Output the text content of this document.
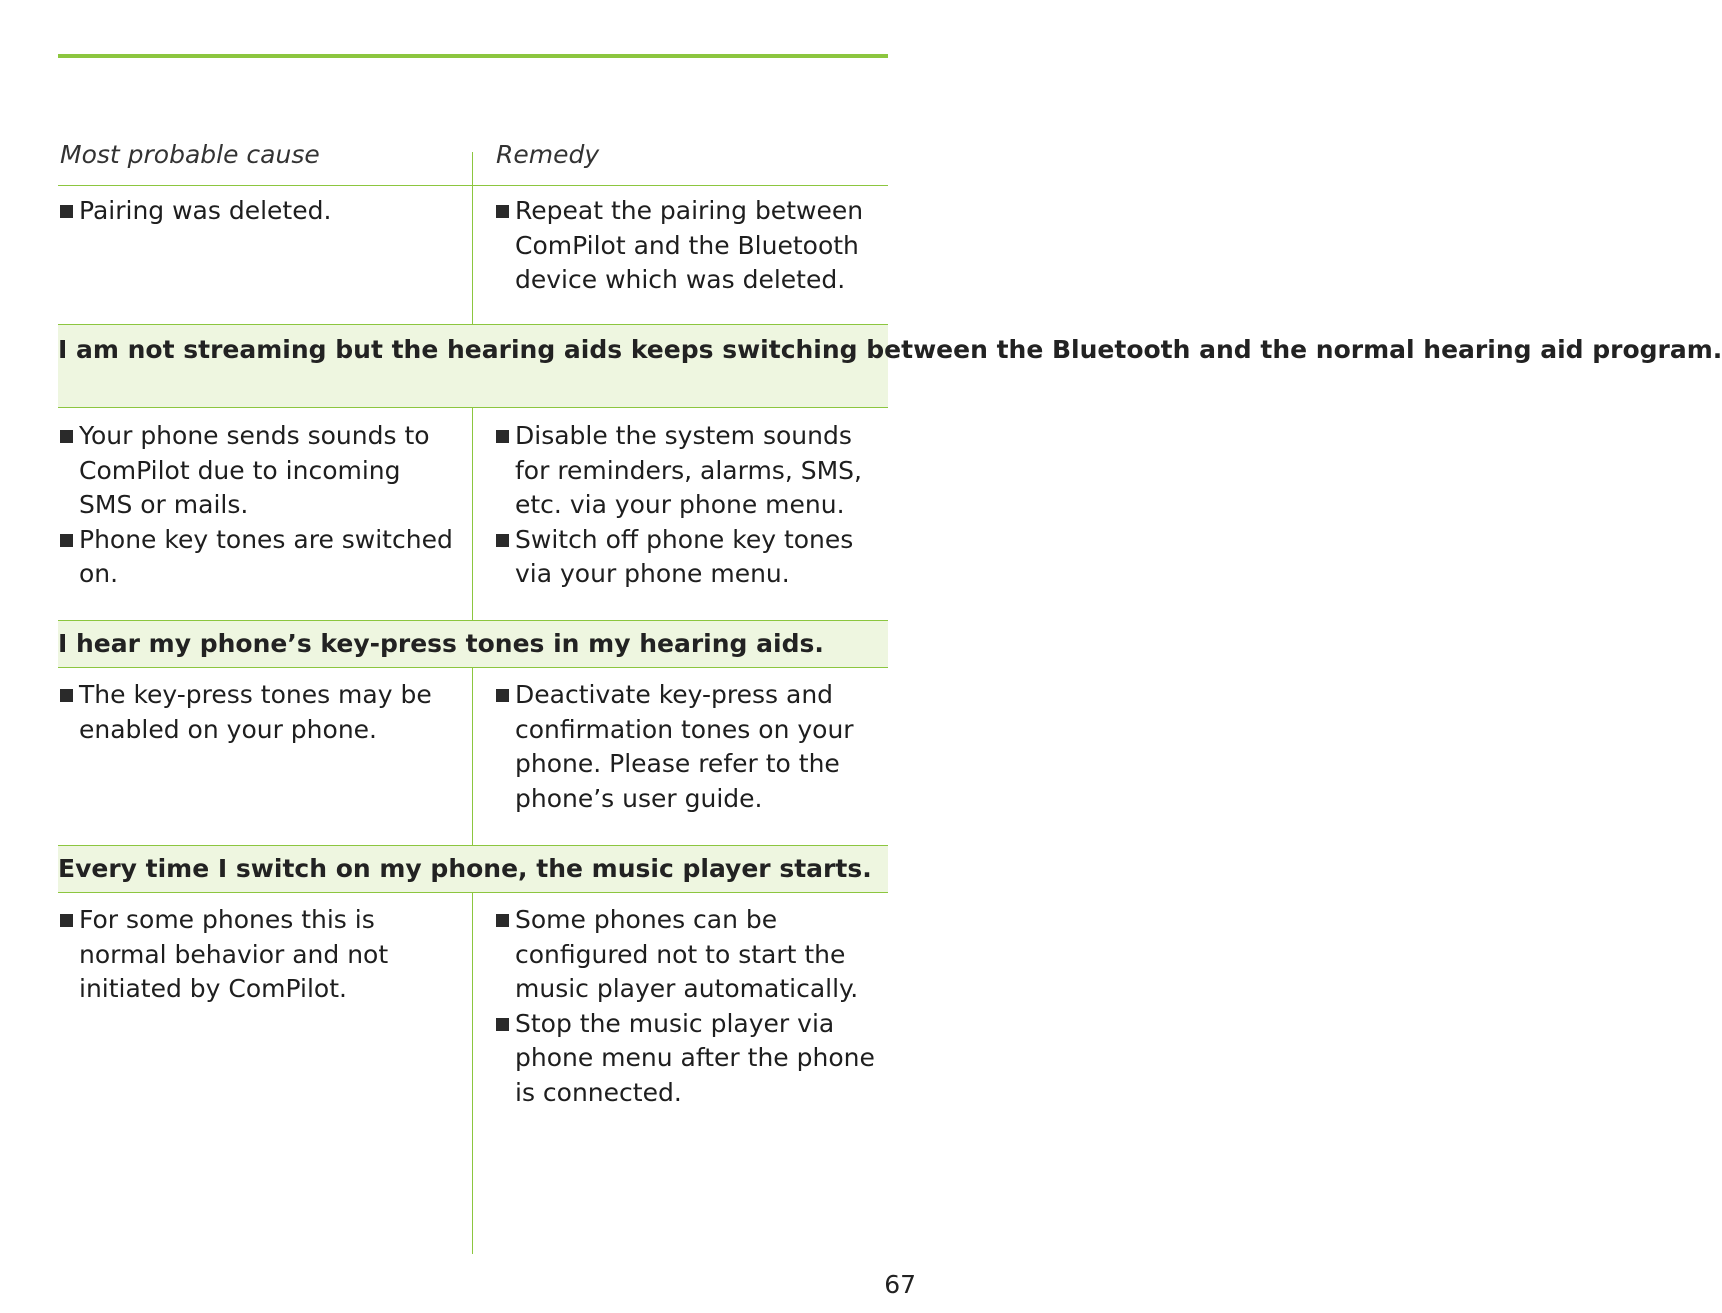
Most probable cause	Remedy
Pairing was deleted.	Repeat the pairing between ComPilot and the Bluetooth device which was deleted.
I am not streaming but the hearing aids keeps switching between the Bluetooth and the normal hearing aid program.
Your phone sends sounds to ComPilot due to incoming SMS or mails.
Phone key tones are switched on.
Disable the system sounds for reminders, alarms, SMS, etc. via your phone menu.
Switch off phone key tones via your phone menu.
I hear my phone’s key-press tones in my hearing aids.
The key-press tones may be enabled on your phone.
Deactivate key-press and confirmation tones on your phone. Please refer to the phone’s user guide.
Every time I switch on my phone, the music player starts.
For some phones this is normal behavior and not initiated by ComPilot.
Some phones can be configured not to start the music player automatically.
Stop the music player via phone menu after the phone is connected.
67
